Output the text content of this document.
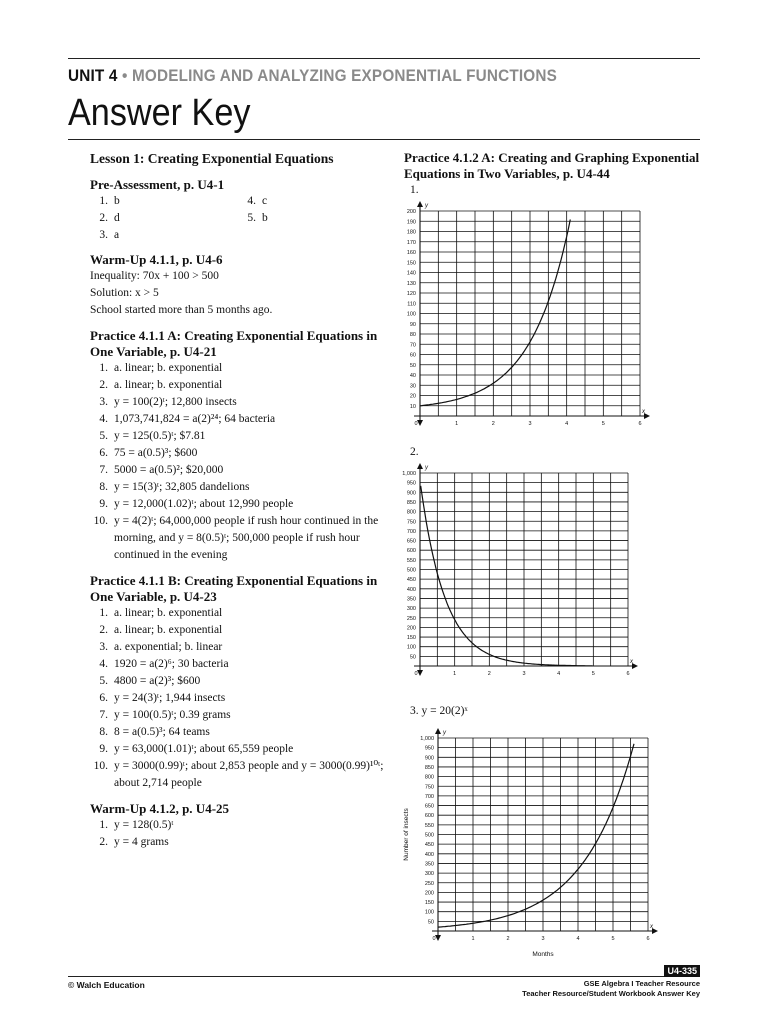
UNIT 4 • MODELING AND ANALYZING EXPONENTIAL FUNCTIONS
Answer Key

Lesson 1: Creating Exponential Equations

Pre-Assessment, p. U4-1

1. b
2. d
3. a
4. c
5. b

Warm-Up 4.1.1, p. U4-6

Inequality: 70x + 100 > 500

Solution: x > 5

School started more than 5 months ago.

Practice 4.1.1 A: Creating Exponential Equations in One Variable, p. U4-21

1. a. linear; b. exponential
2. a. linear; b. exponential
3. y = 100(2)ᵗ; 12,800 insects
4. 1,073,741,824 = a(2)²⁴; 64 bacteria
5. y = 125(0.5)ᵗ; $7.81
6. 75 = a(0.5)³; $600
7. 5000 = a(0.5)²; $20,000
8. y = 15(3)ᵗ; 32,805 dandelions
9. y = 12,000(1.02)ᵗ; about 12,990 people
10. y = 4(2)ᵗ; 64,000,000 people if rush hour continued in the morning, and y = 8(0.5)ᵗ; 500,000 people if rush hour continued in the evening

Practice 4.1.1 B: Creating Exponential Equations in One Variable, p. U4-23

1. a. linear; b. exponential
2. a. linear; b. exponential
3. a. exponential; b. linear
4. 1920 = a(2)⁶; 30 bacteria
5. 4800 = a(2)³; $600
6. y = 24(3)ᵗ; 1,944 insects
7. y = 100(0.5)ᵗ; 0.39 grams
8. 8 = a(0.5)³; 64 teams
9. y = 63,000(1.01)ᵗ; about 65,559 people
10. y = 3000(0.99)ᵗ; about 2,853 people and y = 3000(0.99)¹⁰ᵗ; about 2,714 people

Warm-Up 4.1.2, p. U4-25

1. y = 128(0.5)ᵗ
2. y = 4 grams

Practice 4.1.2 A: Creating and Graphing Exponential Equations in Two Variables, p. U4-44

1.
2.
3. y = 20(2)ˣ
10
20
30
40
50
60
70
80
90
100
110
120
130
140
150
160
170
180
190
200
0	1	2	3	4	5	6
y
x
50
100
150
200
250
300
350
400
450
500
550
600
650
700
750
800
850
900
950
1,000
0	1	2	3	4	5	6
y
x
50
100
150
200
250
300
350
400
450
500
550
600
650
700
750
800
850
900
950
1,000
0	1	2	3	4	5	6
y
x
Months
Number of insects
U4-335
© Walch Education	GSE Algebra I Teacher Resource
Teacher Resource/Student Workbook Answer Key
